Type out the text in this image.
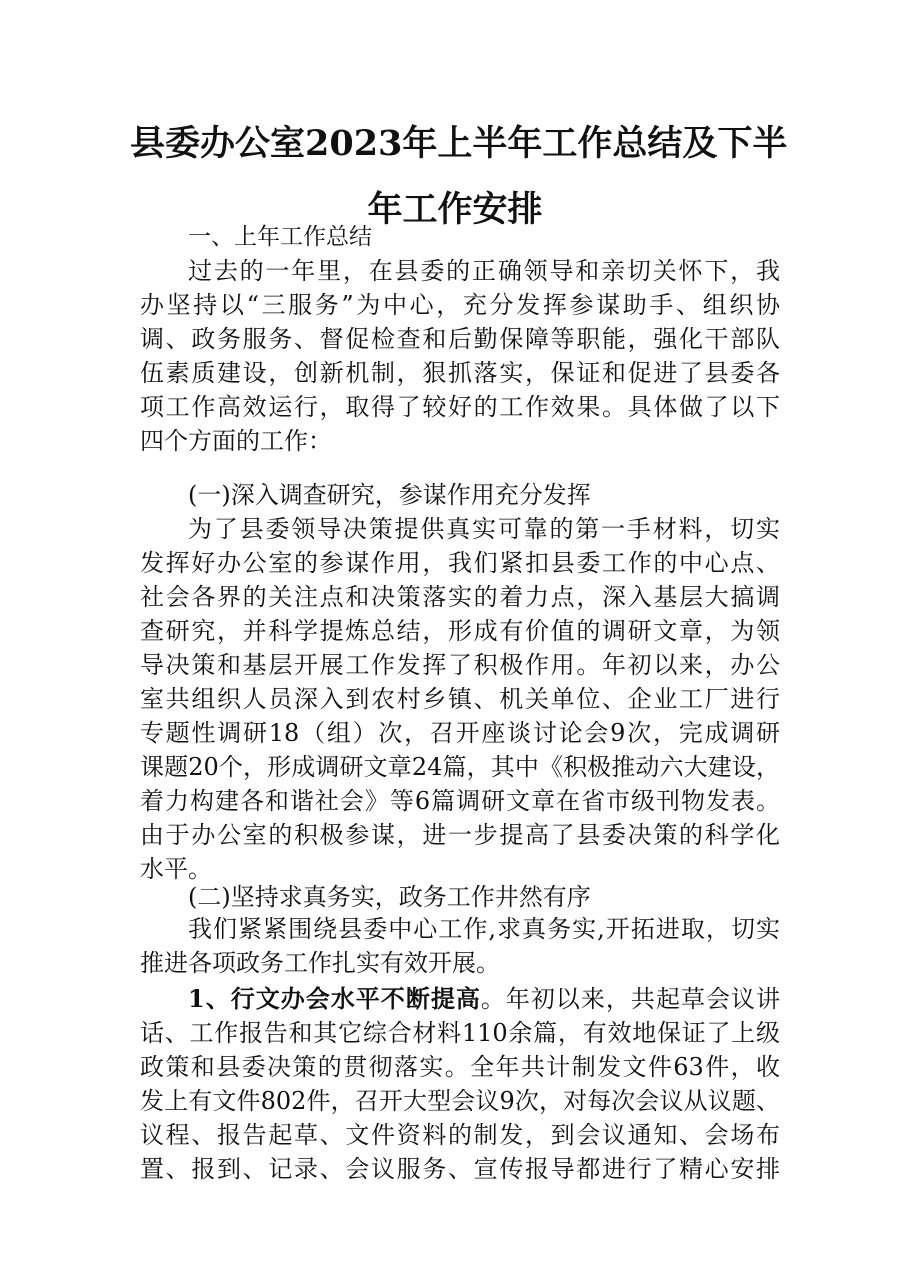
县委办公室2023年上半年工作总结及下半
年工作安排
一、上年工作总结
过去的一年里，在县委的正确领导和亲切关怀下，我
办坚持以“三服务”为中心，充分发挥参谋助手、组织协
调、政务服务、督促检查和后勤保障等职能，强化干部队
伍素质建设，创新机制，狠抓落实，保证和促进了县委各
项工作高效运行，取得了较好的工作效果。具体做了以下
四个方面的工作：
(一)深入调查研究，参谋作用充分发挥
为了县委领导决策提供真实可靠的第一手材料，切实
发挥好办公室的参谋作用，我们紧扣县委工作的中心点、
社会各界的关注点和决策落实的着力点，深入基层大搞调
查研究，并科学提炼总结，形成有价值的调研文章，为领
导决策和基层开展工作发挥了积极作用。年初以来，办公
室共组织人员深入到农村乡镇、机关单位、企业工厂进行
专题性调研18（组）次，召开座谈讨论会9次，完成调研
课题20个，形成调研文章24篇，其中《积极推动六大建设，
着力构建各和谐社会》等6篇调研文章在省市级刊物发表。
由于办公室的积极参谋，进一步提高了县委决策的科学化
水平。
(二)坚持求真务实，政务工作井然有序
我们紧紧围绕县委中心工作,求真务实,开拓进取，切实
推进各项政务工作扎实有效开展。
1、行文办会水平不断提高。年初以来，共起草会议讲
话、工作报告和其它综合材料110余篇，有效地保证了上级
政策和县委决策的贯彻落实。全年共计制发文件63件，收
发上有文件802件，召开大型会议9次，对每次会议从议题、
议程、报告起草、文件资料的制发，到会议通知、会场布
置、报到、记录、会议服务、宣传报导都进行了精心安排
